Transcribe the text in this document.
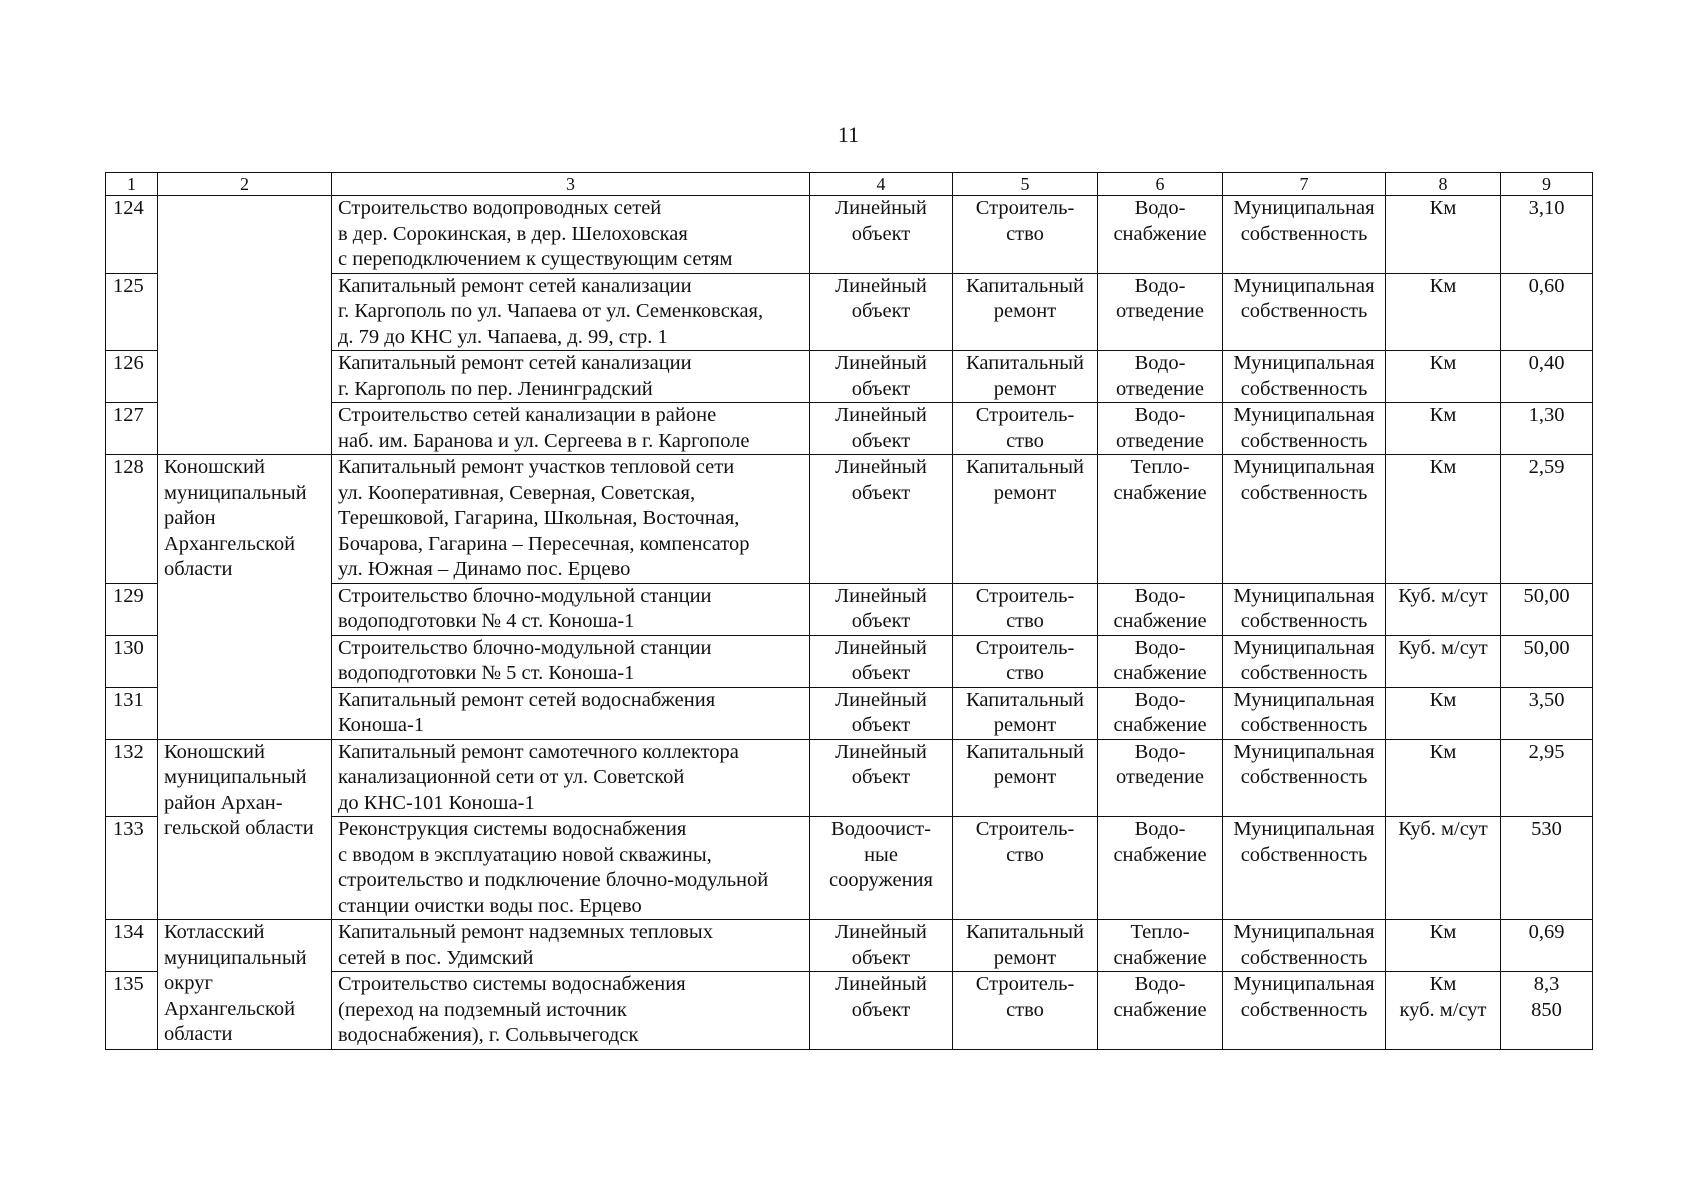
11
1	2	3	4	5	6	7	8	9
124		Строительство водопроводных сетей
в дер. Сорокинская, в дер. Шелоховская
с переподключением к существующим сетям	Линейный
объект	Строитель-
ство	Водо-
снабжение	Муниципальная
собственность	Км	3,10

125		Капитальный ремонт сетей канализации
г. Каргополь по ул. Чапаева от ул. Семенковская,
д. 79 до КНС ул. Чапаева, д. 99, стр. 1	Линейный
объект	Капитальный
ремонт	Водо-
отведение	Муниципальная
собственность	Км	0,60

126		Капитальный ремонт сетей канализации
г. Каргополь по пер. Ленинградский	Линейный
объект	Капитальный
ремонт	Водо-
отведение	Муниципальная
собственность	Км	0,40

127		Строительство сетей канализации в районе
наб. им. Баранова и ул. Сергеева в г. Каргополе	Линейный
объект	Строитель-
ство	Водо-
отведение	Муниципальная
собственность	Км	1,30

128	Коношский
муниципальный
район
Архангельской
области	Капитальный ремонт участков тепловой сети
ул. Кооперативная, Северная, Советская,
Терешковой, Гагарина, Школьная, Восточная,
Бочарова, Гагарина – Пересечная, компенсатор
ул. Южная – Динамо пос. Ерцево	Линейный
объект	Капитальный
ремонт	Тепло-
снабжение	Муниципальная
собственность	Км	2,59

129		Строительство блочно-модульной станции
водоподготовки № 4 ст. Коноша-1	Линейный
объект	Строитель-
ство	Водо-
снабжение	Муниципальная
собственность	Куб. м/сут	50,00

130		Строительство блочно-модульной станции
водоподготовки № 5 ст. Коноша-1	Линейный
объект	Строитель-
ство	Водо-
снабжение	Муниципальная
собственность	Куб. м/сут	50,00

131		Капитальный ремонт сетей водоснабжения
Коноша-1	Линейный
объект	Капитальный
ремонт	Водо-
снабжение	Муниципальная
собственность	Км	3,50

132	Коношский
муниципальный
район Архан-
гельской области	Капитальный ремонт самотечного коллектора
канализационной сети от ул. Советской
до КНС-101 Коноша-1	Линейный
объект	Капитальный
ремонт	Водо-
отведение	Муниципальная
собственность	Км	2,95

133		Реконструкция системы водоснабжения
с вводом в эксплуатацию новой скважины,
строительство и подключение блочно-модульной
станции очистки воды пос. Ерцево	Водоочист-
ные
сооружения	Строитель-
ство	Водо-
снабжение	Муниципальная
собственность	Куб. м/сут	530

134	Котласский
муниципальный
округ
Архангельской
области	Капитальный ремонт надземных тепловых
сетей в пос. Удимский	Линейный
объект	Капитальный
ремонт	Тепло-
снабжение	Муниципальная
собственность	Км	0,69

135		Строительство системы водоснабжения
(переход на подземный источник
водоснабжения), г. Сольвычегодск	Линейный
объект	Строитель-
ство	Водо-
снабжение	Муниципальная
собственность	Км
куб. м/сут	8,3
850
